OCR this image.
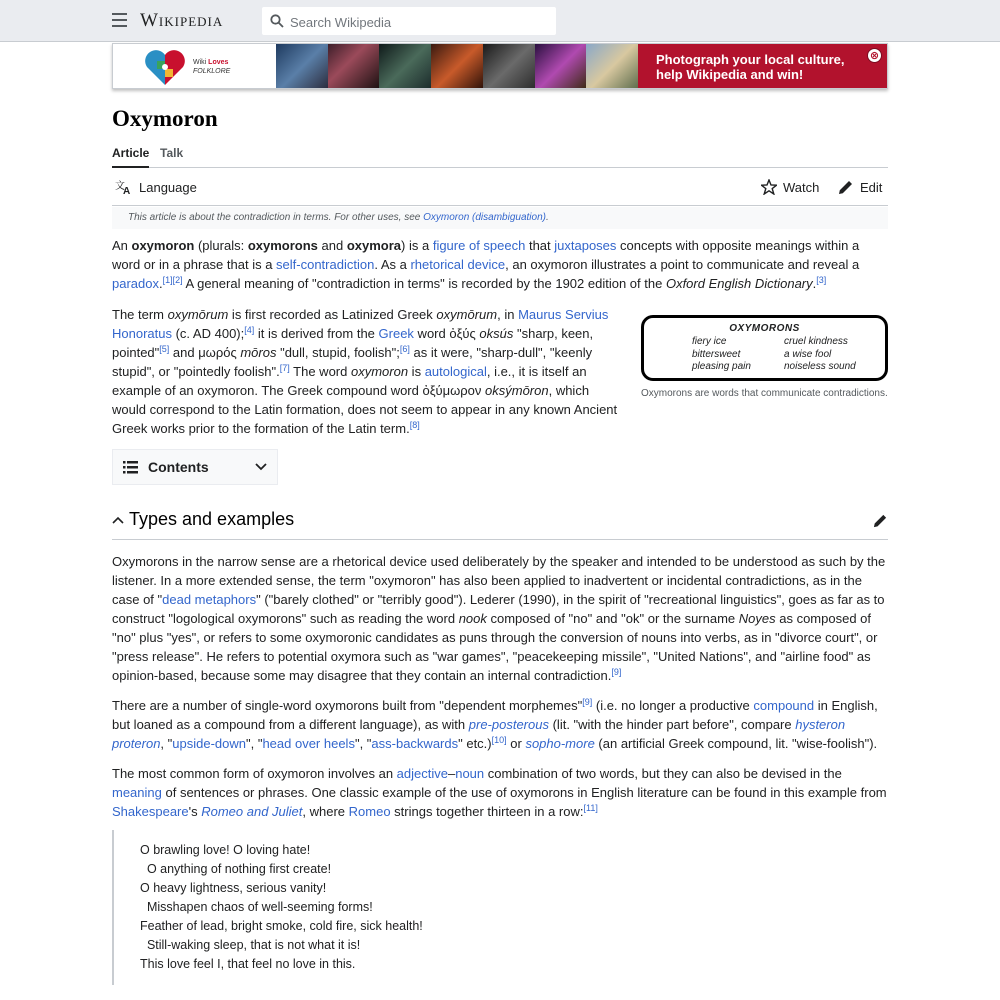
Wikipedia
Search Wikipedia
Wiki Loves
FOLKLORE
Photograph your local culture,
help Wikipedia and win!
⊗
Oxymoron
Article Talk
文
A Language	Watch	Edit
This article is about the contradiction in terms. For other uses, see Oxymoron (disambiguation).
An oxymoron (plurals: oxymorons and oxymora) is a figure of speech that juxtaposes concepts with opposite meanings within a word or in a phrase that is a self-contradiction. As a rhetorical device, an oxymoron illustrates a point to communicate and reveal a paradox.[1][2] A general meaning of "contradiction in terms" is recorded by the 1902 edition of the Oxford English Dictionary.[3]
The term oxymōrum is first recorded as Latinized Greek oxymōrum, in Maurus Servius Honoratus (c. AD 400);[4] it is derived from the Greek word ὀξύς oksús "sharp, keen, pointed"[5] and μωρός mōros "dull, stupid, foolish";[6] as it were, "sharp-dull", "keenly stupid", or "pointedly foolish".[7] The word oxymoron is autological, i.e., it is itself an example of an oxymoron. The Greek compound word ὀξύμωρον oksýmōron, which would correspond to the Latin formation, does not seem to appear in any known Ancient Greek works prior to the formation of the Latin term.[8]
OXYMORONS
fiery ice
bittersweet
pleasing pain
cruel kindness
a wise fool
noiseless sound
Oxymorons are words that communicate contradictions.
Contents
Types and examples
Oxymorons in the narrow sense are a rhetorical device used deliberately by the speaker and intended to be understood as such by the listener. In a more extended sense, the term "oxymoron" has also been applied to inadvertent or incidental contradictions, as in the case of "dead metaphors" ("barely clothed" or "terribly good"). Lederer (1990), in the spirit of "recreational linguistics", goes as far as to construct "logological oxymorons" such as reading the word nook composed of "no" and "ok" or the surname Noyes as composed of "no" plus "yes", or refers to some oxymoronic candidates as puns through the conversion of nouns into verbs, as in "divorce court", or "press release". He refers to potential oxymora such as "war games", "peacekeeping missile", "United Nations", and "airline food" as opinion-based, because some may disagree that they contain an internal contradiction.[9]
There are a number of single-word oxymorons built from "dependent morphemes"[9] (i.e. no longer a productive compound in English, but loaned as a compound from a different language), as with pre-posterous (lit. "with the hinder part before", compare hysteron proteron, "upside-down", "head over heels", "ass-backwards" etc.)[10] or sopho-more (an artificial Greek compound, lit. "wise-foolish").
The most common form of oxymoron involves an adjective–noun combination of two words, but they can also be devised in the meaning of sentences or phrases. One classic example of the use of oxymorons in English literature can be found in this example from Shakespeare's Romeo and Juliet, where Romeo strings together thirteen in a row:[11]
O brawling love! O loving hate!
O anything of nothing first create!
O heavy lightness, serious vanity!
Misshapen chaos of well-seeming forms!
Feather of lead, bright smoke, cold fire, sick health!
Still-waking sleep, that is not what it is!
This love feel I, that feel no love in this.
